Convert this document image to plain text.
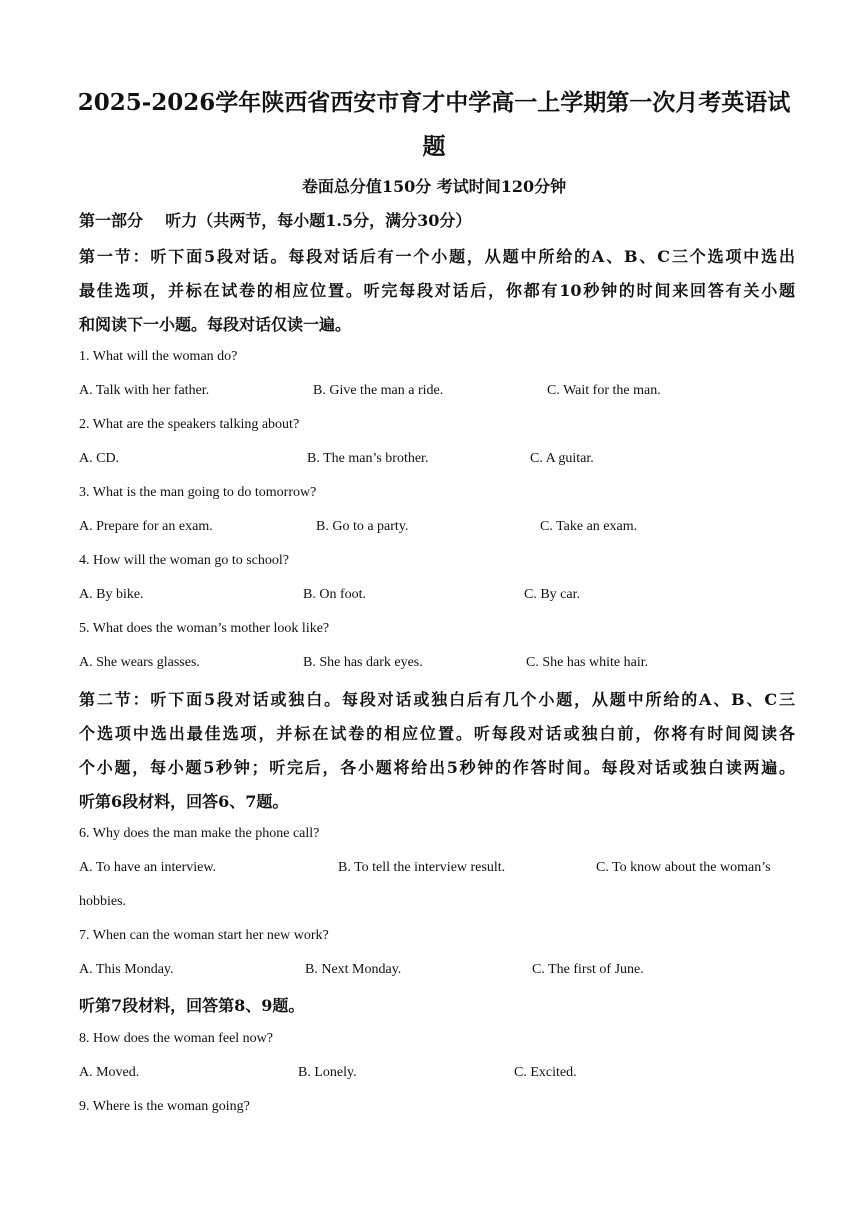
2025-2026学年陕西省西安市育才中学高一上学期第一次月考英语试
题
卷面总分值150分 考试时间120分钟
第一部分    听力（共两节，每小题1.5分，满分30分）
第一节：听下面5段对话。每段对话后有一个小题，从题中所给的A、B、C三个选项中选出
最佳选项，并标在试卷的相应位置。听完每段对话后，你都有10秒钟的时间来回答有关小题
和阅读下一小题。每段对话仅读一遍。
1. What will the woman do?
A. Talk with her father.	B. Give the man a ride.	C. Wait for the man.
2. What are the speakers talking about?
A. CD.	B. The man’s brother.	C. A guitar.
3. What is the man going to do tomorrow?
A. Prepare for an exam.	B. Go to a party.	C. Take an exam.
4. How will the woman go to school?
A. By bike.	B. On foot.	C. By car.
5. What does the woman’s mother look like?
A. She wears glasses.	B. She has dark eyes.	C. She has white hair.
第二节：听下面5段对话或独白。每段对话或独白后有几个小题，从题中所给的A、B、C三
个选项中选出最佳选项，并标在试卷的相应位置。听每段对话或独白前，你将有时间阅读各
个小题，每小题5秒钟；听完后，各小题将给出5秒钟的作答时间。每段对话或独白读两遍。
听第6段材料，回答6、7题。
6. Why does the man make the phone call?
A. To have an interview.	B. To tell the interview result.	C. To know about the woman’s
hobbies.
7. When can the woman start her new work?
A. This Monday.	B. Next Monday.	C. The first of June.
听第7段材料，回答第8、9题。
8. How does the woman feel now?
A. Moved.	B. Lonely.	C. Excited.
9. Where is the woman going?
